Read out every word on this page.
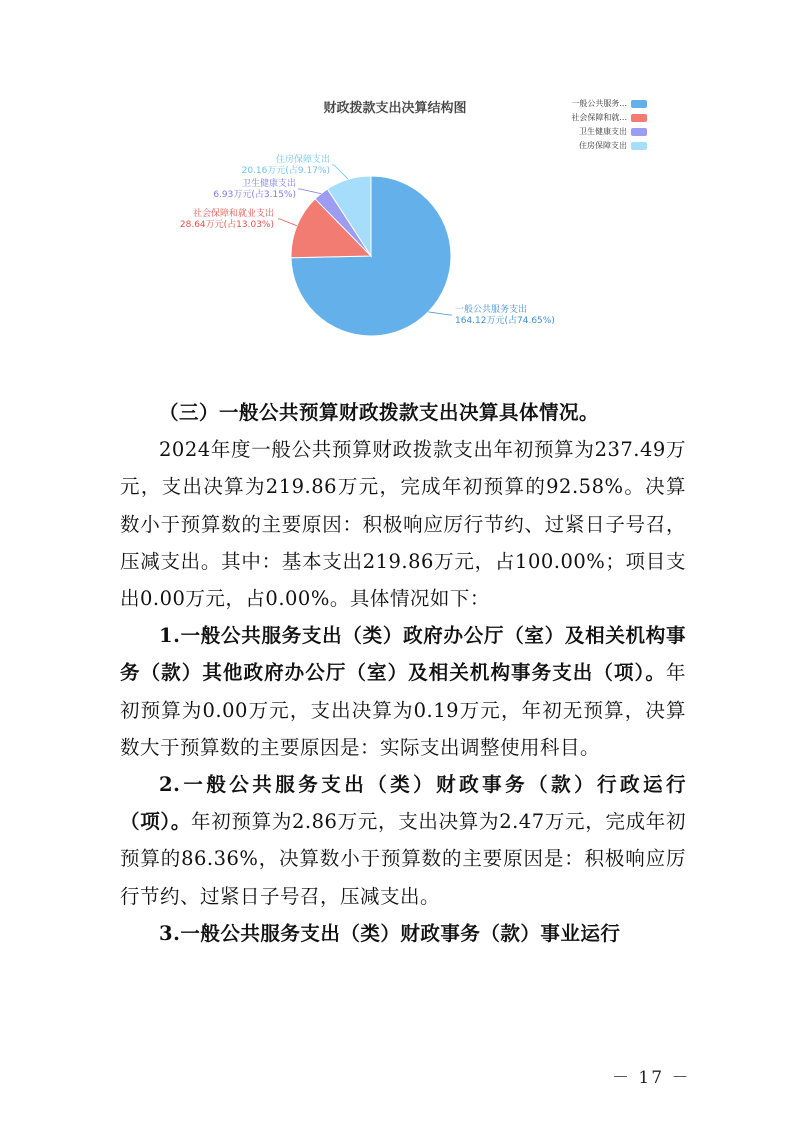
财政拨款支出决算结构图
一般公共服务支出
164.12万元(占74.65%)
社会保障和就业支出
28.64万元(占13.03%)
卫生健康支出
6.93万元(占3.15%)
住房保障支出
20.16万元(占9.17%)
一般公共服务...
社会保障和就...
卫生健康支出
住房保障支出

（三）一般公共预算财政拨款支出决算具体情况。

2024年度一般公共预算财政拨款支出年初预算为237.49万元，支出决算为219.86万元，完成年初预算的92.58%。决算数小于预算数的主要原因：积极响应厉行节约、过紧日子号召，压减支出。其中：基本支出219.86万元，占100.00%；项目支出0.00万元，占0.00%。具体情况如下：

1.一般公共服务支出（类）政府办公厅（室）及相关机构事务（款）其他政府办公厅（室）及相关机构事务支出（项）。年初预算为0.00万元，支出决算为0.19万元，年初无预算，决算数大于预算数的主要原因是：实际支出调整使用科目。

2.一般公共服务支出（类）财政事务（款）行政运行（项）。年初预算为2.86万元，支出决算为2.47万元，完成年初预算的86.36%，决算数小于预算数的主要原因是：积极响应厉行节约、过紧日子号召，压减支出。

3.一般公共服务支出（类）财政事务（款）事业运行

－ 17 －
